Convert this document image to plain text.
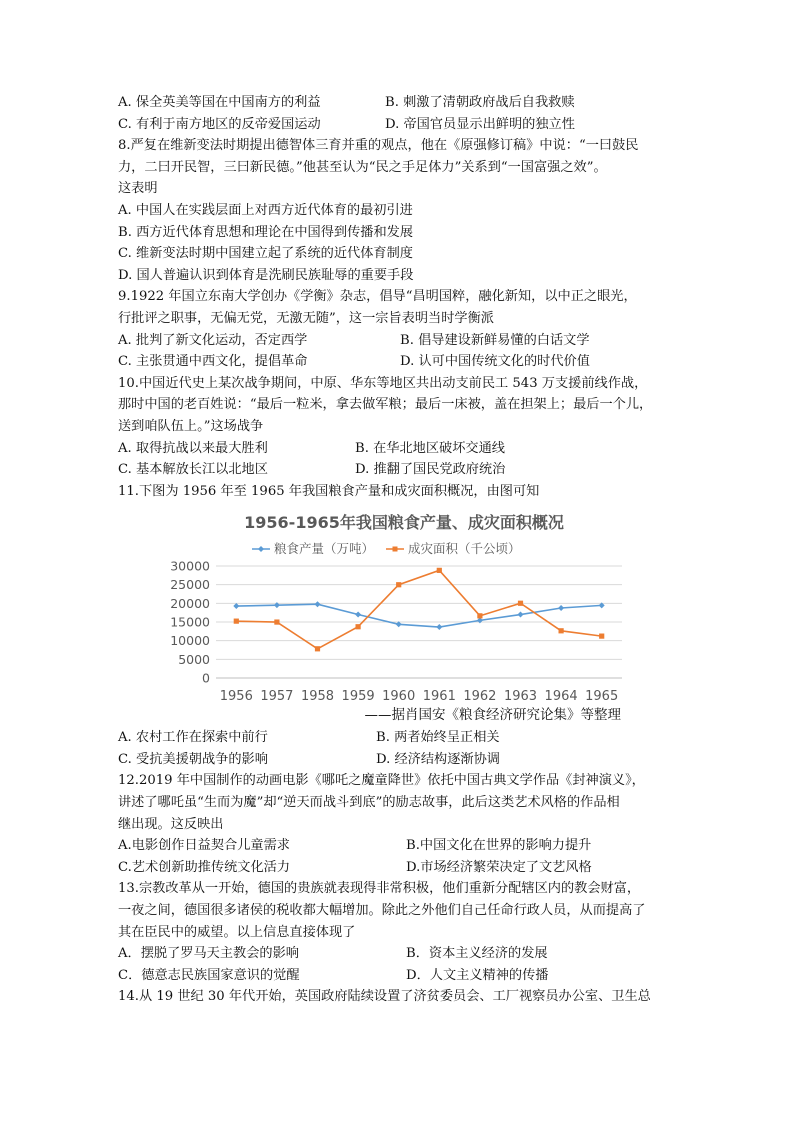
A. 保全英美等国在中国南方的利益	B. 刺激了清朝政府战后自我救赎
C. 有利于南方地区的反帝爱国运动	D. 帝国官员显示出鲜明的独立性
8.严复在维新变法时期提出德智体三育并重的观点，他在《原强修订稿》中说：“一曰鼓民
力，二曰开民智，三曰新民德。”他甚至认为“民之手足体力”关系到“一国富强之效”。
这表明
A. 中国人在实践层面上对西方近代体育的最初引进
B. 西方近代体育思想和理论在中国得到传播和发展
C. 维新变法时期中国建立起了系统的近代体育制度
D. 国人普遍认识到体育是洗刷民族耻辱的重要手段
9.1922 年国立东南大学创办《学衡》杂志，倡导“昌明国粹，融化新知，以中正之眼光，
行批评之职事，无偏无党，无激无随”，这一宗旨表明当时学衡派
A. 批判了新文化运动，否定西学	B. 倡导建设新鲜易懂的白话文学
C. 主张贯通中西文化，提倡革命	D. 认可中国传统文化的时代价值
10.中国近代史上某次战争期间，中原、华东等地区共出动支前民工 543 万支援前线作战，
那时中国的老百姓说：“最后一粒米，拿去做军粮；最后一床被，盖在担架上；最后一个儿，
送到咱队伍上。”这场战争
A. 取得抗战以来最大胜利	B. 在华北地区破坏交通线
C. 基本解放长江以北地区	D. 推翻了国民党政府统治
11.下图为 1956 年至 1965 年我国粮食产量和成灾面积概况，由图可知
1956-1965年我国粮食产量、成灾面积概况
粮食产量（万吨）	成灾面积（千公顷）
30000
25000
20000
15000
10000
5000
0
1956 1957 1958 1959 1960 1961 1962 1963 1964 1965
——据肖国安《粮食经济研究论集》等整理
A. 农村工作在探索中前行	B. 两者始终呈正相关
C. 受抗美援朝战争的影响	D. 经济结构逐渐协调
12.2019 年中国制作的动画电影《哪吒之魔童降世》依托中国古典文学作品《封神演义》，
讲述了哪吒虽“生而为魔”却“逆天而战斗到底”的励志故事，此后这类艺术风格的作品相
继出现。这反映出
A.电影创作日益契合儿童需求	B.中国文化在世界的影响力提升
C.艺术创新助推传统文化活力	D.市场经济繁荣决定了文艺风格
13.宗教改革从一开始，德国的贵族就表现得非常积极，他们重新分配辖区内的教会财富，
一夜之间，德国很多诸侯的税收都大幅增加。除此之外他们自己任命行政人员，从而提高了
其在臣民中的威望。以上信息直接体现了
A．摆脱了罗马天主教会的影响	B．资本主义经济的发展
C．德意志民族国家意识的觉醒	D．人文主义精神的传播
14.从 19 世纪 30 年代开始，英国政府陆续设置了济贫委员会、工厂视察员办公室、卫生总
